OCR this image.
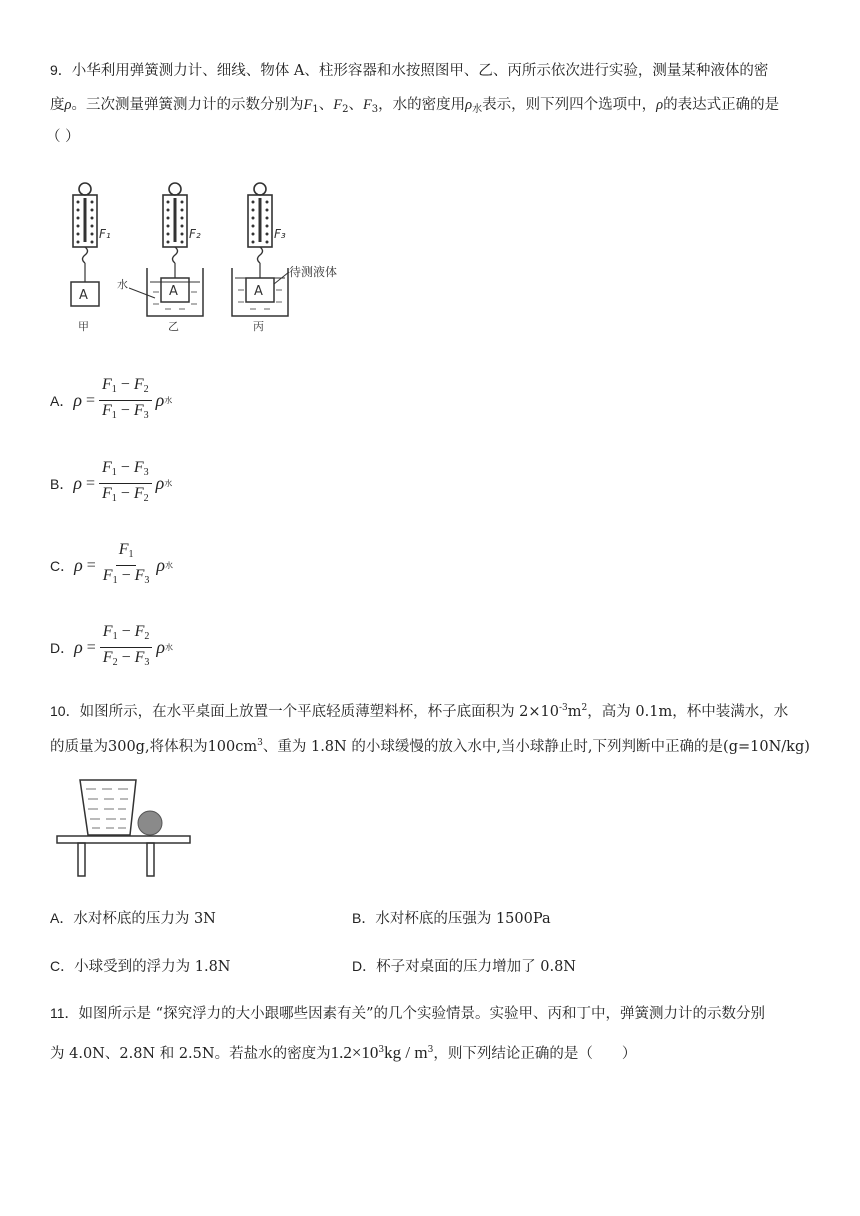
9．小华利用弹簧测力计、细线、物体 A、柱形容器和水按照图甲、乙、丙所示依次进行实验，测量某种液体的密
度ρ。三次测量弹簧测力计的示数分别为$F_1$、$F_2$、$F_3$，水的密度用$\rho_水$表示，则下列四个选项中，ρ的表达式正确的是
（ ）
A
F₁
甲
A
水
F₂
乙
A
待测液体
F₃
丙
A． $\rho = \frac{F_1 - F_2}{F_1 - F_3}$ ρ 水
B． $\rho = \frac{F_1 - F_3}{F_1 - F_2}$ ρ 水
C． $\rho = \frac{F_1}{F_1 - F_3}$ ρ 水
D． $\rho = \frac{F_1 - F_2}{F_2 - F_3}$ ρ 水
10．如图所示，在水平桌面上放置一个平底轻质薄塑料杯，杯子底面积为 $2\times 10^{-3}m^2$，高为 0.1m，杯中装满水，水
的质量为300g,将体积为$100cm^3$、重为 1.8N 的小球缓慢的放入水中,当小球静止时,下列判断中正确的是(g=10N/kg)
A．水对杯底的压力为 3N	B．水对杯底的压强为 1500Pa
C．小球受到的浮力为 1.8N	D．杯子对桌面的压力增加了 0.8N
11．如图所示是 “探究浮力的大小跟哪些因素有关”的几个实验情景。实验甲、丙和丁中，弹簧测力计的示数分别
为 4.0N、2.8N 和 2.5N。若盐水的密度为$1.2\times 10^3kg / m^3$，则下列结论正确的是（　　）
